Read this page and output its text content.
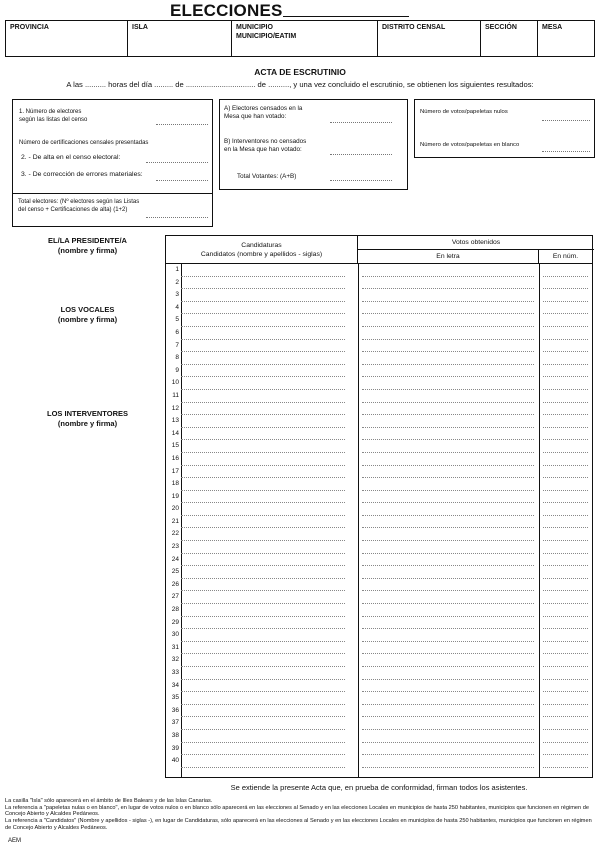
ELECCIONES
PROVINCIA	ISLA	MUNICIPIO
MUNICIPIO/EATIM
DISTRITO CENSAL	SECCIÓN	MESA
ACTA DE ESCRUTINIO
A las .......... horas del día ......... de ................................. de .........., y una vez concluido el escrutinio, se obtienen los siguientes resultados:
1. Número de electores
según las listas del censo
Número de certificaciones censales presentadas
2. - De alta en el censo electoral:
3. - De corrección de errores materiales:
Total electores: (Nº electores según las Listas
del censo + Certificaciones de alta) (1+2)
A) Electores censados en la
Mesa que han votado:
B) Interventores no censados
en la Mesa que han votado:
Total Votantes: (A+B)
Número de votos/papeletas nulos
Número de votos/papeletas en blanco
EL/LA PRESIDENTE/A
(nombre y firma)
LOS VOCALES
(nombre y firma)
LOS INTERVENTORES
(nombre y firma)
Candidaturas
Candidatos (nombre y apellidos - siglas)
Votos obtenidos
En letra	En núm.
1
2
3
4
5
6
7
8
9
10
11
12
13
14
15
16
17
18
19
20
21
22
23
24
25
26
27
28
29
30
31
32
33
34
35
36
37
38
39
40
Se extiende la presente Acta que, en prueba de conformidad, firman todos los asistentes.
La casilla "Isla" sólo aparecerá en el ámbito de Illes Balears y de las Islas Canarias.
La referencia a "papeletas nulas o en blanco", en lugar de votos nulos o en blanco sólo aparecerá en las elecciones al Senado y en las elecciones Locales en municipios de hasta 250 habitantes, municipios que funcionen en régimen de Concejo Abierto y Alcaldes Pedáneos.
La referencia a "Candidatos" (Nombre y apellidos - siglas -), en lugar de Candidaturas, sólo aparecerá en las elecciones al Senado y en las elecciones Locales en municipios de hasta 250 habitantes, municipios que funcionen en régimen de Concejo Abierto y Alcaldes Pedáneos.
AEM
